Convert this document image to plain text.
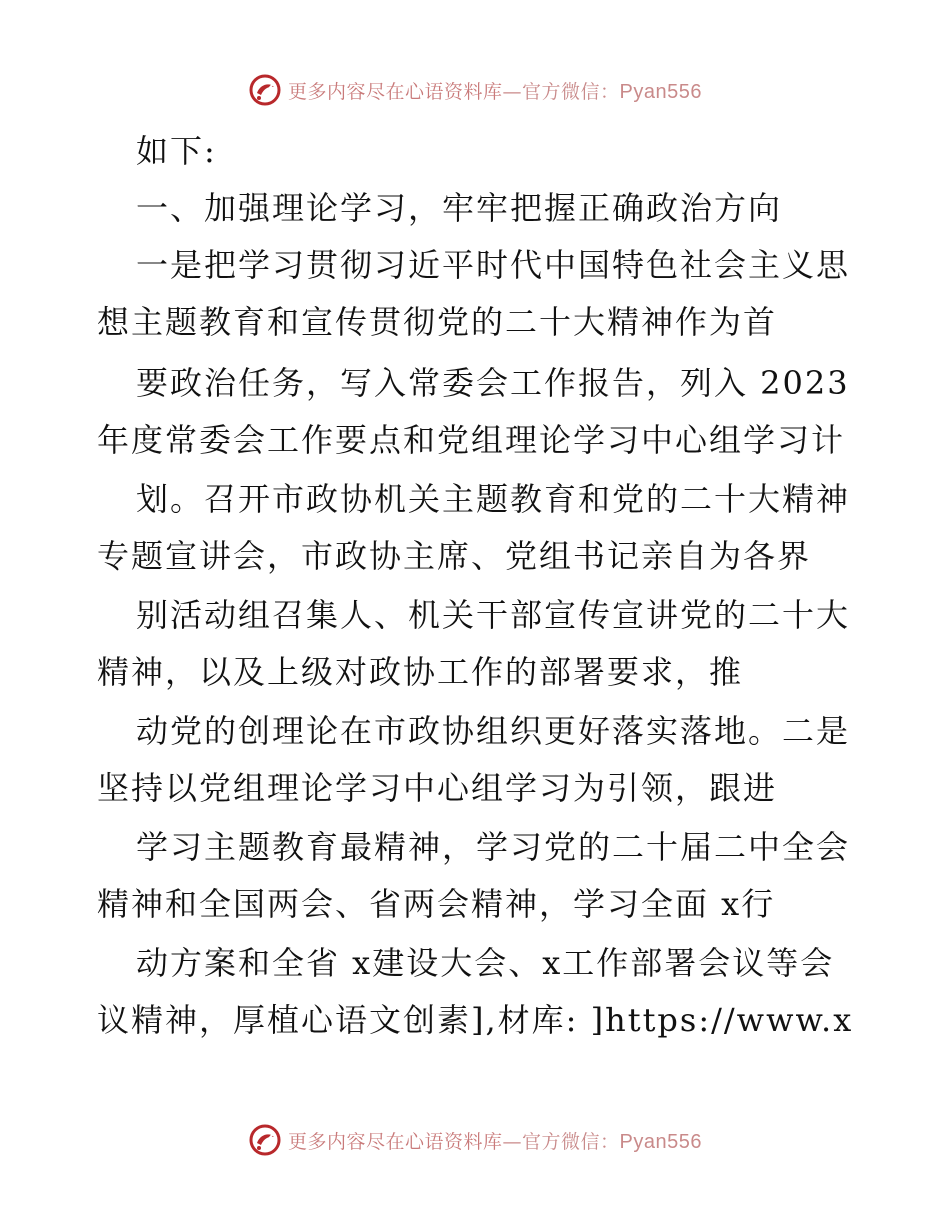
更多内容尽在心语资料库—官方微信：Pyan556
如下:
一、加强理论学习，牢牢把握正确政治方向
一是把学习贯彻习近平时代中国特色社会主义思
想主题教育和宣传贯彻党的二十大精神作为首
要政治任务，写入常委会工作报告，列入 2023
年度常委会工作要点和党组理论学习中心组学习计
划。召开市政协机关主题教育和党的二十大精神
专题宣讲会，市政协主席、党组书记亲自为各界
别活动组召集人、机关干部宣传宣讲党的二十大
精神，以及上级对政协工作的部署要求，推
动党的创理论在市政协组织更好落实落地。二是
坚持以党组理论学习中心组学习为引领，跟进
学习主题教育最精神，学习党的二十届二中全会
精神和全国两会、省两会精神，学习全面 x行
动方案和全省 x建设大会、x工作部署会议等会
议精神，厚植心语文创素],材库: ]https://www.x
更多内容尽在心语资料库—官方微信：Pyan556
